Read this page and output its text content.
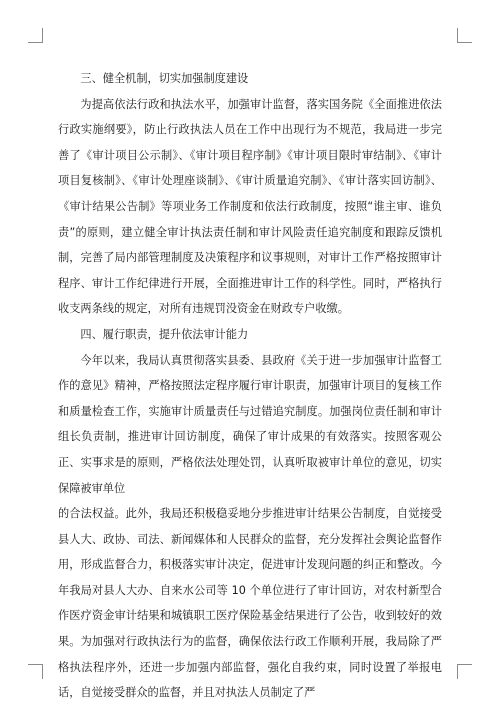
三、健全机制，切实加强制度建设

为提高依法行政和执法水平，加强审计监督，落实国务院《全面推进依法行政实施纲要》，防止行政执法人员在工作中出现行为不规范，我局进一步完善了《审计项目公示制》、《审计项目程序制》《审计项目限时审结制》、《审计项目复核制》、《审计处理座谈制》、《审计质量追究制》、《审计落实回访制》、《审计结果公告制》等项业务工作制度和依法行政制度，按照“谁主审、谁负责”的原则，建立健全审计执法责任制和审计风险责任追究制度和跟踪反馈机制，完善了局内部管理制度及决策程序和议事规则，对审计工作严格按照审计程序、审计工作纪律进行开展，全面推进审计工作的科学性。同时，严格执行收支两条线的规定，对所有违规罚没资金在财政专户收缴。

四、履行职责，提升依法审计能力

今年以来，我局认真贯彻落实县委、县政府《关于进一步加强审计监督工作的意见》精神，严格按照法定程序履行审计职责，加强审计项目的复核工作和质量检查工作，实施审计质量责任与过错追究制度。加强岗位责任制和审计组长负责制，推进审计回访制度，确保了审计成果的有效落实。按照客观公正、实事求是的原则，严格依法处理处罚，认真听取被审计单位的意见，切实保障被审单位

的合法权益。此外，我局还积极稳妥地分步推进审计结果公告制度，自觉接受县人大、政协、司法、新闻媒体和人民群众的监督，充分发挥社会舆论监督作用，形成监督合力，积极落实审计决定，促进审计发现问题的纠正和整改。今年我局对县人大办、自来水公司等 10 个单位进行了审计回访，对农村新型合作医疗资金审计结果和城镇职工医疗保险基金结果进行了公告，收到较好的效果。为加强对行政执法行为的监督，确保依法行政工作顺利开展，我局除了严格执法程序外，还进一步加强内部监督，强化自我约束，同时设置了举报电话，自觉接受群众的监督，并且对执法人员制定了严
